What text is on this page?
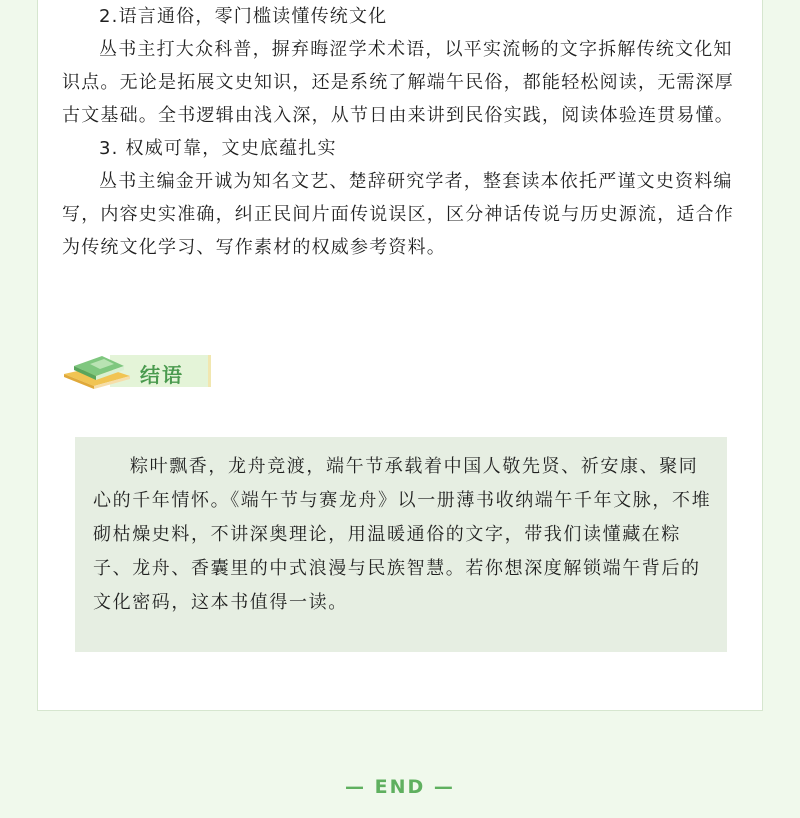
2.语言通俗，零门槛读懂传统文化

丛书主打大众科普，摒弃晦涩学术术语，以平实流畅的文字拆解传统文化知识点。无论是拓展文史知识，还是系统了解端午民俗，都能轻松阅读，无需深厚古文基础。全书逻辑由浅入深，从节日由来讲到民俗实践，阅读体验连贯易懂。

3. 权威可靠，文史底蕴扎实

丛书主编金开诚为知名文艺、楚辞研究学者，整套读本依托严谨文史资料编写，内容史实准确，纠正民间片面传说误区，区分神话传说与历史源流，适合作为传统文化学习、写作素材的权威参考资料。

结语

粽叶飘香，龙舟竞渡，端午节承载着中国人敬先贤、祈安康、聚同心的千年情怀。《端午节与赛龙舟》以一册薄书收纳端午千年文脉，不堆砌枯燥史料，不讲深奥理论，用温暖通俗的文字，带我们读懂藏在粽子、龙舟、香囊里的中式浪漫与民族智慧。若你想深度解锁端午背后的文化密码，这本书值得一读。

— END —
